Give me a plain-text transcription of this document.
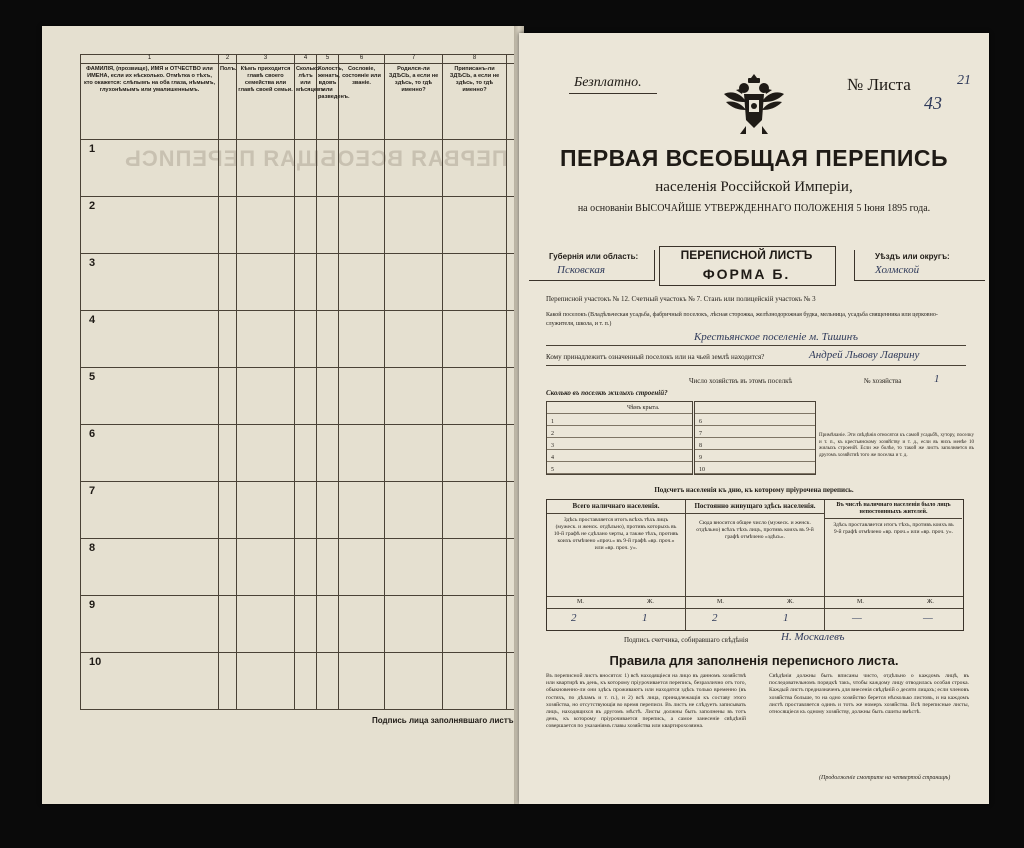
ПЕРВАЯ ВСЕОБЩАЯ ПЕРЕПИСЬ
1	2	3	4	5	6	7	8	
ФАМИЛІЯ, (прозвище), ИМЯ и ОТЧЕСТВО или ИМЕНА, если их нѣсколько. Отмѣтка о тѣхъ, кто окажется: слѣпымъ на оба глаза, нѣмымъ, глухонѣмымъ или умалишеннымъ.	Полъ.	Кѣмъ приходится главѣ своего семейства или главѣ своей семьи.	Сколько лѣтъ или мѣсяцевъ	Холостъ, женатъ, вдовъ или разведенъ.	Сословіе, состояніе или званіе.	Родился-ли ЗДѢСЬ, а если не здѣсь, то гдѣ именно?	Приписанъ-ли ЗДѢСЬ, а если не здѣсь, то гдѣ именно?	
1								
2								
3								
4								
5								
6								
7								
8								
9								
10								
Подпись лица заполнявшаго листъ
Безплатно.	№ Листа	21
43
ПЕРВАЯ ВСЕОБЩАЯ ПЕРЕПИСЬ
населенія Россійской Имперіи,
на основаніи ВЫСОЧАЙШЕ УТВЕРЖДЕННАГО ПОЛОЖЕНІЯ 5 Іюня 1895 года.
Губернія или область:
Псковская
ПЕРЕПИСНОЙ ЛИСТЪ
ФОРМА Б.
Уѣздъ или округъ:
Холмской
Переписной участокъ № 12. Счетный участокъ № 7. Станъ или полицейскій участокъ № 3
Какой поселокъ (Владѣльческая усадьба, фабричный поселокъ, лѣсная сторожка, желѣзнодорожная будка, мельница, усадьба священника или церковно-служителя, школа, и т. п.)
Крестьянское поселеніе м. Тишинъ
Кому принадлежитъ означенный поселокъ или на чьей землѣ находится?	Андрей Львову Лаврину
Число хозяйствъ въ этомъ поселкѣ	№ хозяйства	1
Сколько въ поселкѣ жилыхъ строеній?
Чѣмъ крыта.
1
2
3
4
5
6
7
8
9
10
Примѣчаніе. Эти свѣдѣнія относятся къ самой усадьбѣ, хутору, поселку и т. п., къ крестьянскому хозяйству и т. д., если въ нихъ менѣе 10 жилыхъ строеній. Если же болѣе, то такой же листъ заполняется въ другомъ хозяйствѣ того же поселка и т. д.
Подсчетъ населенія къ дню, къ которому пріурочена перепись.
Всего наличнаго населенія.
Здѣсь проставляется итогъ всѣхъ тѣхъ лицъ (мужеск. и женск. отдѣльно), противъ которыхъ въ 10-й графѣ не сдѣлано черты, а также тѣхъ, противъ коихъ отмѣчено «проч.» въ 9-й графѣ «вр. проч.» или «вр. проч. у».
Постоянно живущаго здѣсь населенія.
Сюда вносится общее число (мужеск. и женск. отдѣльно) всѣхъ тѣхъ лицъ, противъ коихъ въ 9-й графѣ отмѣчено «здѣсь».
Въ числѣ наличнаго населенія было лицъ непостоянныхъ жителей.
Здѣсь проставляется итогъ тѣхъ, противъ коихъ въ 9-й графѣ отмѣчено «вр. проч.» или «вр. проч. у».
М.	Ж.	М.	Ж.	М.	Ж.
2	1	2	1	—	—
Подпись счетчика, собиравшаго свѣдѣнія	Н. Москалевъ
Правила для заполненія переписного листа.
Въ переписной листъ вносятся: 1) всѣ находящіеся на лицо въ данномъ хозяйствѣ или квартирѣ въ день, къ которому пріурочивается перепись, безразлично отъ того, обыкновенно-ли они здѣсь проживаютъ или находятся здѣсь только временно (въ гостяхъ, по дѣламъ и т. п.), и 2) всѣ лица, принадлежащія къ составу этого хозяйства, но отсутствующія во время переписи. Въ листъ не слѣдуетъ записывать лицъ, находящихся въ другомъ мѣстѣ. Листы должны быть заполнены въ тотъ день, къ которому пріурочивается перепись, а самое занесеніе свѣдѣній совершается по указаніямъ главы хозяйства или квартирохозяина.
Свѣдѣнія должны быть вписаны чисто, отдѣльно о каждомъ лицѣ, въ последовательномъ порядкѣ такъ, чтобы каждому лицу отводилась особая строка. Каждый листъ предназначенъ для внесенія свѣдѣній о десяти лицахъ; если членовъ хозяйства больше, то на одно хозяйство берется нѣсколько листовъ, и на каждомъ листѣ проставляется одинъ и тотъ же номеръ хозяйства. Всѣ переписные листы, относящіеся къ одному хозяйству, должны быть сшиты вмѣстѣ.
(Продолженіе смотрите на четвертой страницѣ)
